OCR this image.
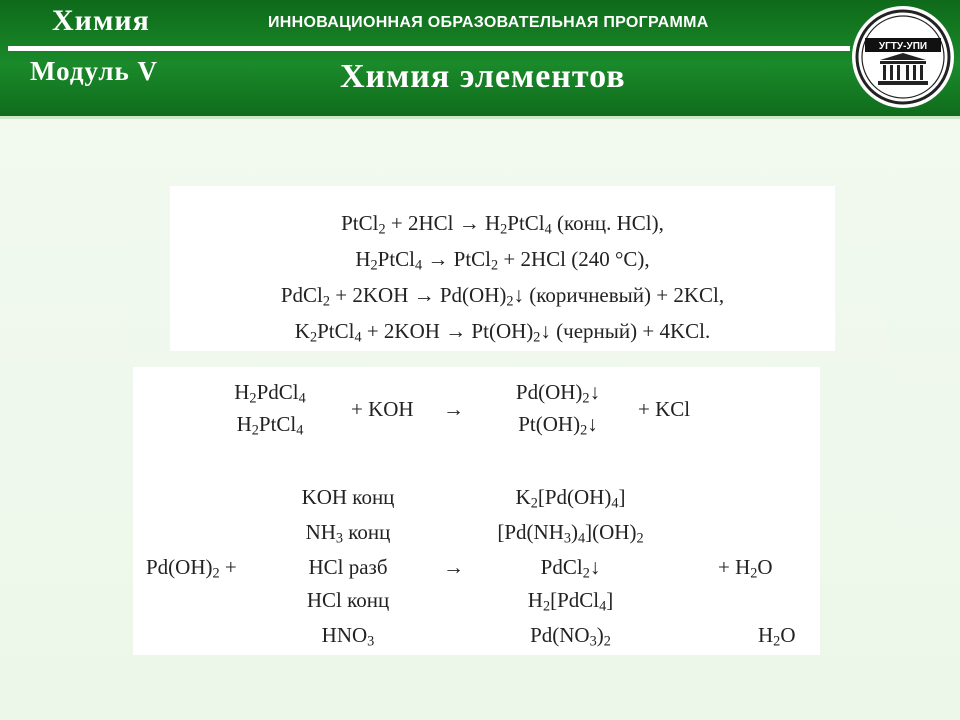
Химия	ИННОВАЦИОННАЯ ОБРАЗОВАТЕЛЬНАЯ ПРОГРАММА
Модуль V	Химия элементов
УГТУ-УПИ
PtCl$_2$ + $2HCl \to H_2PtCl_4$ (конц. HCl),
$H_2PtCl_4$ → PtCl$_2$ + 2HCl (240 °C),
PdCl$_2$ + $2KOH \to Pd(OH)_2↓$ (коричневый) + 2KCl,
$K_2PtCl_4 + 2KOH$ → $Pt(OH)_2↓$ (черный) + 4KCl.
$H_2PdCl_4$
$H_2PtCl_4$
+ KOH →
$Pd(OH)_2↓$
$Pt(OH)_2↓$
+ KCl
$Pd(OH)_2$ +
KOH конц
$NH_3$ конц
HCl разб
HCl конц
$HNO_3$
→
$K_2[Pd(OH)_4]$
$[Pd(NH_3)_4](OH)_2$
PdCl$_2$↓
$H_2[PdCl_4]$
$Pd(NO_3)_2$
+ $H_2O$
$H_2O$
